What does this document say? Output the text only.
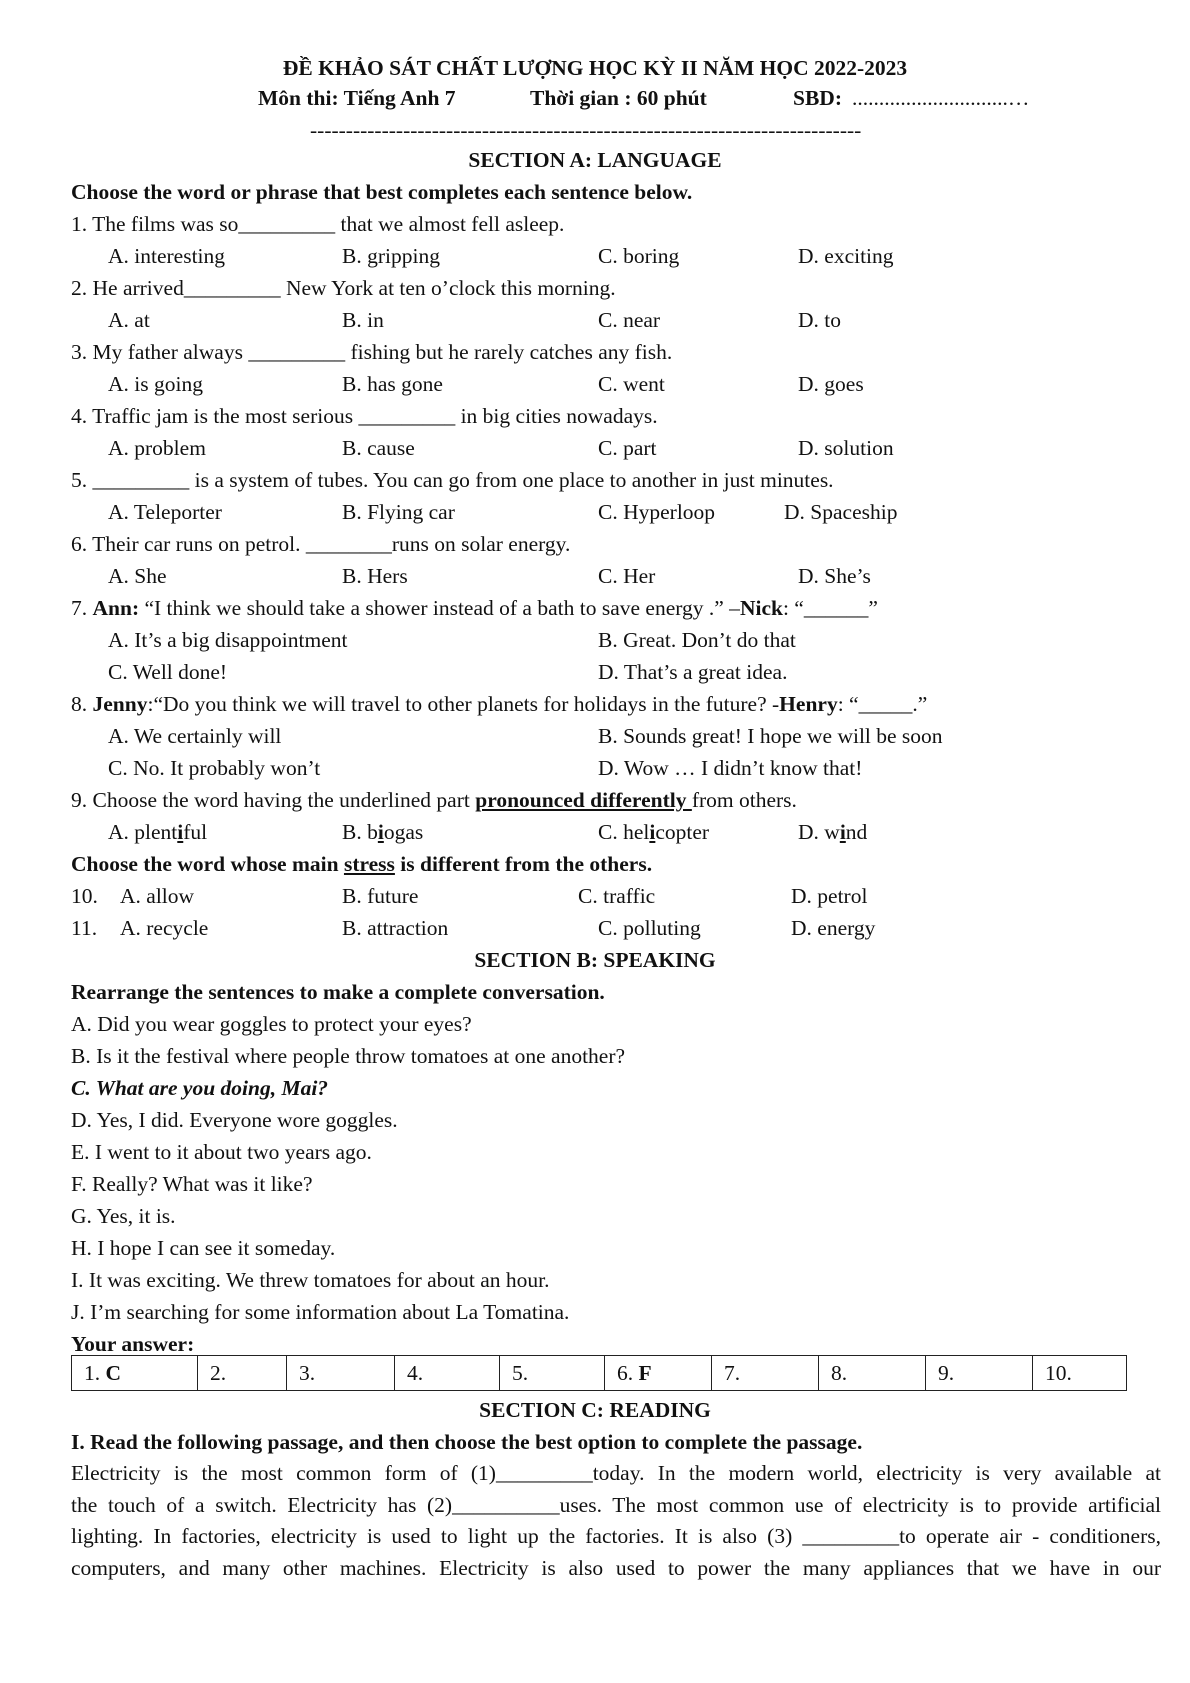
ĐỀ KHẢO SÁT CHẤT LƯỢNG HỌC KỲ II NĂM HỌC 2022-2023
Môn thi: Tiếng Anh 7	Thời gian : 60 phút	SBD: .............................…
-----------------------------------------------------------------------------
SECTION A: LANGUAGE
Choose the word or phrase that best completes each sentence below.
1. The films was so_________ that we almost fell asleep.
A. interesting	B. gripping	C. boring	D. exciting
2. He arrived_________ New York at ten o’clock this morning.
A. at	B. in	C. near	D. to
3. My father always _________ fishing but he rarely catches any fish.
A. is going	B. has gone	C. went	D. goes
4. Traffic jam is the most serious _________ in big cities nowadays.
A. problem	B. cause	C. part	D. solution
5. _________ is a system of tubes. You can go from one place to another in just minutes.
A. Teleporter	B. Flying car	C. Hyperloop	D. Spaceship
6. Their car runs on petrol. ________runs on solar energy.
A. She	B. Hers	C. Her	D. She’s
7. Ann: “I think we should take a shower instead of a bath to save energy .” –Nick: “______”
A. It’s a big disappointment	B. Great. Don’t do that
C. Well done!	D. That’s a great idea.
8. Jenny:“Do you think we will travel to other planets for holidays in the future? -Henry: “_____.”
A. We certainly will	B. Sounds great! I hope we will be soon
C. No. It probably won’t	D. Wow … I didn’t know that!
9. Choose the word having the underlined part pronounced differently from others.
A. plentiful	B. biogas	C. helicopter	D. wind
Choose the word whose main stress is different from the others.
10. A. allow	B. future	C. traffic	D. petrol
11. A. recycle	B. attraction	C. polluting	D. energy
SECTION B: SPEAKING
Rearrange the sentences to make a complete conversation.
A. Did you wear goggles to protect your eyes?
B. Is it the festival where people throw tomatoes at one another?
C. What are you doing, Mai?
D. Yes, I did. Everyone wore goggles.
E. I went to it about two years ago.
F. Really? What was it like?
G. Yes, it is.
H. I hope I can see it someday.
I. It was exciting. We threw tomatoes for about an hour.
J. I’m searching for some information about La Tomatina.
Your answer:
1. C	2.	3.	4.	5.	6. F	7.	8.	9.	10.
SECTION C: READING
I. Read the following passage, and then choose the best option to complete the passage.
Electricity is the most common form of (1)_________today. In the modern world, electricity is very available at
the touch of a switch. Electricity has (2)__________uses. The most common use of electricity is to provide artificial
lighting. In factories, electricity is used to light up the factories. It is also (3) _________to operate air - conditioners,
computers, and many other machines. Electricity is also used to power the many appliances that we have in our
